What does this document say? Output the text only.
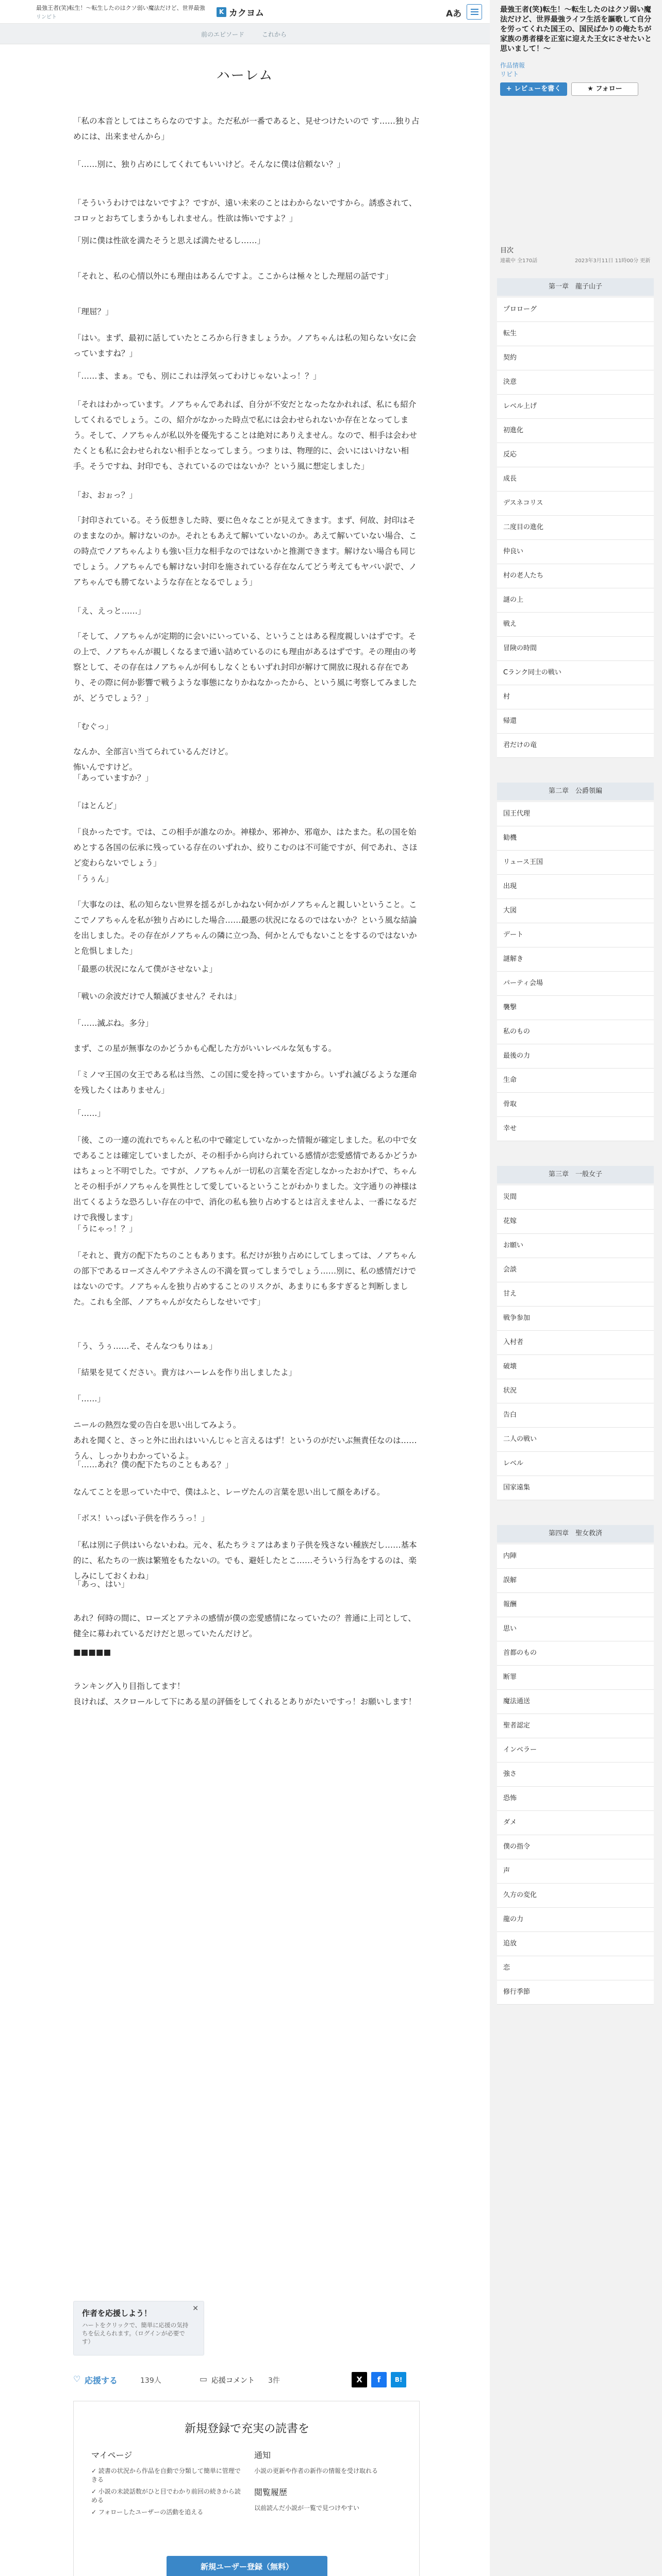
最強王者(笑)転生！～転生したのはクソ弱い魔法だけど、世界最強
リンピト
K カクヨム	Aあ
前のエピソード	これから
ハーレム
「私の本音としてはこちらなのですよ。ただ私が一番であると、見せつけたいので す……独り占めには、出来ませんから」
「……別に、独り占めにしてくれてもいいけど。そんなに僕は信頼ない？」
「そういうわけではないですよ？ですが、遠い未来のことはわからないですから。誘惑されて、コロッとおちてしまうかもしれません。性欲は怖いですよ？」
「別に僕は性欲を満たそうと思えば満たせるし……」
「それと、私の心情以外にも理由はあるんですよ。ここからは極々とした理屈の話です」
「理屈？」
「はい。まず、最初に話していたところから行きましょうか。ノアちゃんは私の知らない女に会っていますね？」
「……ま、まぁ。でも、別にこれは浮気ってわけじゃないよっ！？」
「それはわかっています。ノアちゃんであれば、自分が不安だとなったなかれれば、私にも紹介してくれるでしょう。この、紹介がなかった時点で私には会わせられないか存在となってしまう。そして、ノアちゃんが私以外を優先することは絶対にありえません。なので、相手は会わせたくとも私に会わせられない相手となってしまう。つまりは、物理的に、会いにはいけない相手。そうですね、封印でも、されているのではないか？という風に想定しました」
「お、おぉっ？」
「封印されている。そう仮想きした時、要に色々なことが見えてきます。まず、何故、封印はそのままなのか。解けないのか。それともあえて解いていないのか。あえて解いていない場合、この時点でノアちゃんよりも強い巨力な相手なのではないかと推測できます。解けない場合も同じでしょう。ノアちゃんでも解けない封印を施されている存在なんてどう考えてもヤバい訳で、ノアちゃんでも勝てないような存在となるでしょう」
「え、えっと……」
「そして、ノアちゃんが定期的に会いにいっている、ということはある程度親しいはずです。その上で、ノアちゃんが親しくなるまで通い詰めているのにも理由があるはずです。その理由の考察として、その存在はノアちゃんが何もしなくともいずれ封印が解けて開放に現れる存在であり、その際に何か影響で戦うような事態になりかねなかったから、という風に考察してみましたが、どうでしょう？」
「むぐっ」
なんか、全部言い当てられているんだけど。
怖いんですけど。
「あっていますか？」
「はとんど」
「良かったです。では、この相手が誰なのか。神様か、邪神か、邪竜か、はたまた。私の国を始めとする各国の伝承に残っている存在のいずれか、絞りこむのは不可能ですが、何であれ、さほど変わらないでしょう」
「うぅん」
「大事なのは、私の知らない世界を揺るがしかねない何かがノアちゃんと親しいということ。ここでノアちゃんを私が独り占めにした場合……最悪の状況になるのではないか？という風な結論を出しました。その存在がノアちゃんの隣に立つ為、何かとんでもないことをするのではないかと危惧しました」
「最悪の状況になんて僕がさせないよ」
「戦いの余波だけで人類滅びません？それは」
「……滅ぶね。多分」
まず、この星が無事なのかどうかも心配した方がいいレベルな気もする。
「ミノマ王国の女王である私は当然、この国に愛を持っていますから。いずれ滅びるような運命を残したくはありません」
「……」
「後、この一連の流れでちゃんと私の中で確定していなかった情報が確定しました。私の中で女であることは確定していましたが、その相手から向けられている感情が恋愛感情であるかどうかはちょっと不明でした。ですが、ノアちゃんが一切私の言葉を否定しなかったおかげで、ちゃんとその相手がノアちゃんを異性として愛しているということがわかりました。文字通りの神様は出てくるような恐ろしい存在の中で、消化の私も独り占めするとは言えませんよ、一番になるだけで我慢します」
「うにゃっ！？」
「それと、貴方の配下たちのこともあります。私だけが独り占めにしてしまっては、ノアちゃんの部下であるローズさんやアテネさんの不満を買ってしまうでしょう……別に、私の感情だけではないのです。ノアちゃんを独り占めすることのリスクが、あまりにも多すぎると判断しました。これも全部、ノアちゃんが女たらしなせいです」
「う、うぅ……そ、そんなつもりはぁ」
「結果を見てください。貴方はハーレムを作り出しましたよ」
「……」
ニールの熱烈な愛の告白を思い出してみよう。
あれを聞くと、さっと外に出れはいいんじゃと言えるはず！というのがだいぶ無責任なのは……うん、しっかりわかっているよ。
「……あれ？僕の配下たちのこともある？」
なんてことを思っていた中で、僕はふと、レーヴたんの言葉を思い出して顔をあげる。
「ボス！いっぱい子供を作ろうっ！」
「私は別に子供はいらないわね。元々、私たちラミアはあまり子供を残さない種族だし……基本的に、私たちの一族は繁殖をもたないの。でも、避妊したとこ……そういう行為をするのは、楽しみにしておくわね」
「あっ、はい」
あれ？何時の間に、ローズとアテネの感情が僕の恋愛感情になっていたの？普通に上司として、健全に募われているだけだと思っていたんだけど。
■■■■■
ランキング入り目指してます！
良ければ、スクロールして下にある星の評価をしてくれるとありがたいですっ！お願いします！
作者を応援しよう！
ハートをクリックで、簡単に応援の気持ちを伝えられます。（ログインが必要です）
✕
♡ 応援する	139人	▭ 応援コメント 3件	X	f	B!
新規登録で充実の読書を
マイページ
✓ 読書の状況から作品を自動で分類して簡単に管理できる
✓ 小説の未読話数がひと目でわかり前回の続きから読める
✓ フォローしたユーザーの活動を追える
通知
小説の更新や作者の新作の情報を受け取れる
閲覧履歴
以前読んだ小説が一覧で見つけやすい
新規ユーザー登録（無料）
最強王者(笑)転生！～転生したのはクソ弱い魔法だけど、世界最強ライフ生活を謳歌して自分を労ってくれた国王の、国民ばかりの俺たちが家族の勇者様を正室に迎えた王女にさせたいと思いまして！～
作品情報
リピト
+ レビューを書く	★ フォロー
目次
連載中 全170話	2023年3月11日 11時00分 更新
第一章　龍子山子
プロローグ
転生
契約
決意
レベル上げ
初進化
反応
成長
デスネコリス
二度目の進化
仲良い
村の老人たち
謎の上
戦え
冒険の時間
Cランク同士の戦い
村
帰還
君だけの竜
第二章　公爵領編
国王代理
勧機
リュース王国
出現
大図
デート
謎解き
パーティ会場
襲撃
私のもの
最後の力
生命
骨取
幸せ
第三章　一般女子
災間
花嫁
お願い
会談
甘え
戦争参加
入村者
破壊
状況
告白
二人の戦い
レベル
国家遠集
第四章　聖女救済
内陣
誤解
報酬
思い
首都のもの
断罪
魔法通送
聖者認定
インベラー
強さ
恐怖
ダメ
僕の指令
声
久方の変化
龍の力
追放
恋
修行季節
